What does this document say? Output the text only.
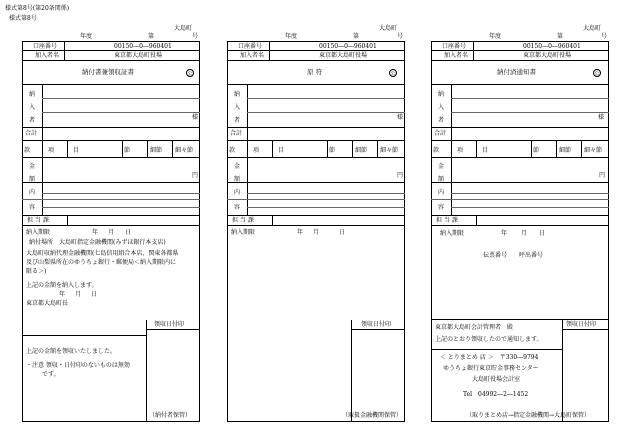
様式第8号(第20条関係)
様式第8号
大島町
年度	第	号
口座番号	00150―0―960401
加入者名	東京都大島町役場
納付書兼領収証書	公
納
入
者	様
合計
款	項	目	節	細節 細々節
金
額
円
内
容
担 当 課
納入期限	年 月 日
納付場所　大島町指定金融機関(みずほ銀行本支店)
大島町収納代理金融機関(七島信用組合本店、関東各都県
及び山梨県所在のゆうちょ銀行・郵便局＜納入期限内に
限る＞)
上記の金額を納入します。
年 月 日
東京都大島町長
領収日付印
上記の金額を領収いたしました。
・注意 領収・日付印のないものは無効
です。
（納付者保管）
大島町
年度	第	号
口座番号	00150―0―960401
加入者名	東京都大島町役場
原 符	公
納
入
者	様
合計
款	項	目	節	細節 細々節
金
額
円
内
容
担 当 課
納入期限	年 月	日
領収日付印
（取扱金融機関保管）
大島町
年度	第	号
口座番号	00150―0―960401
加入者名	東京都大島町役場
納付済通知書	公
納
入
者	様
合計
款	項	目	節	細節 細々節
金
額
円
内
容
担 当 課
納入期限	年 月 日
伝票番号　　呼出番号
領収日付印
東京都大島町会計管理者　殿
上記のとおり領収したので通知します。
＜ とりまとめ 店 ＞　〒330―9794
ゆうちょ銀行東京貯金事務センター
大島町役場会計室
Tel　04992―2―1452
（取りまとめ店→指定金融機関→大島町保管）
